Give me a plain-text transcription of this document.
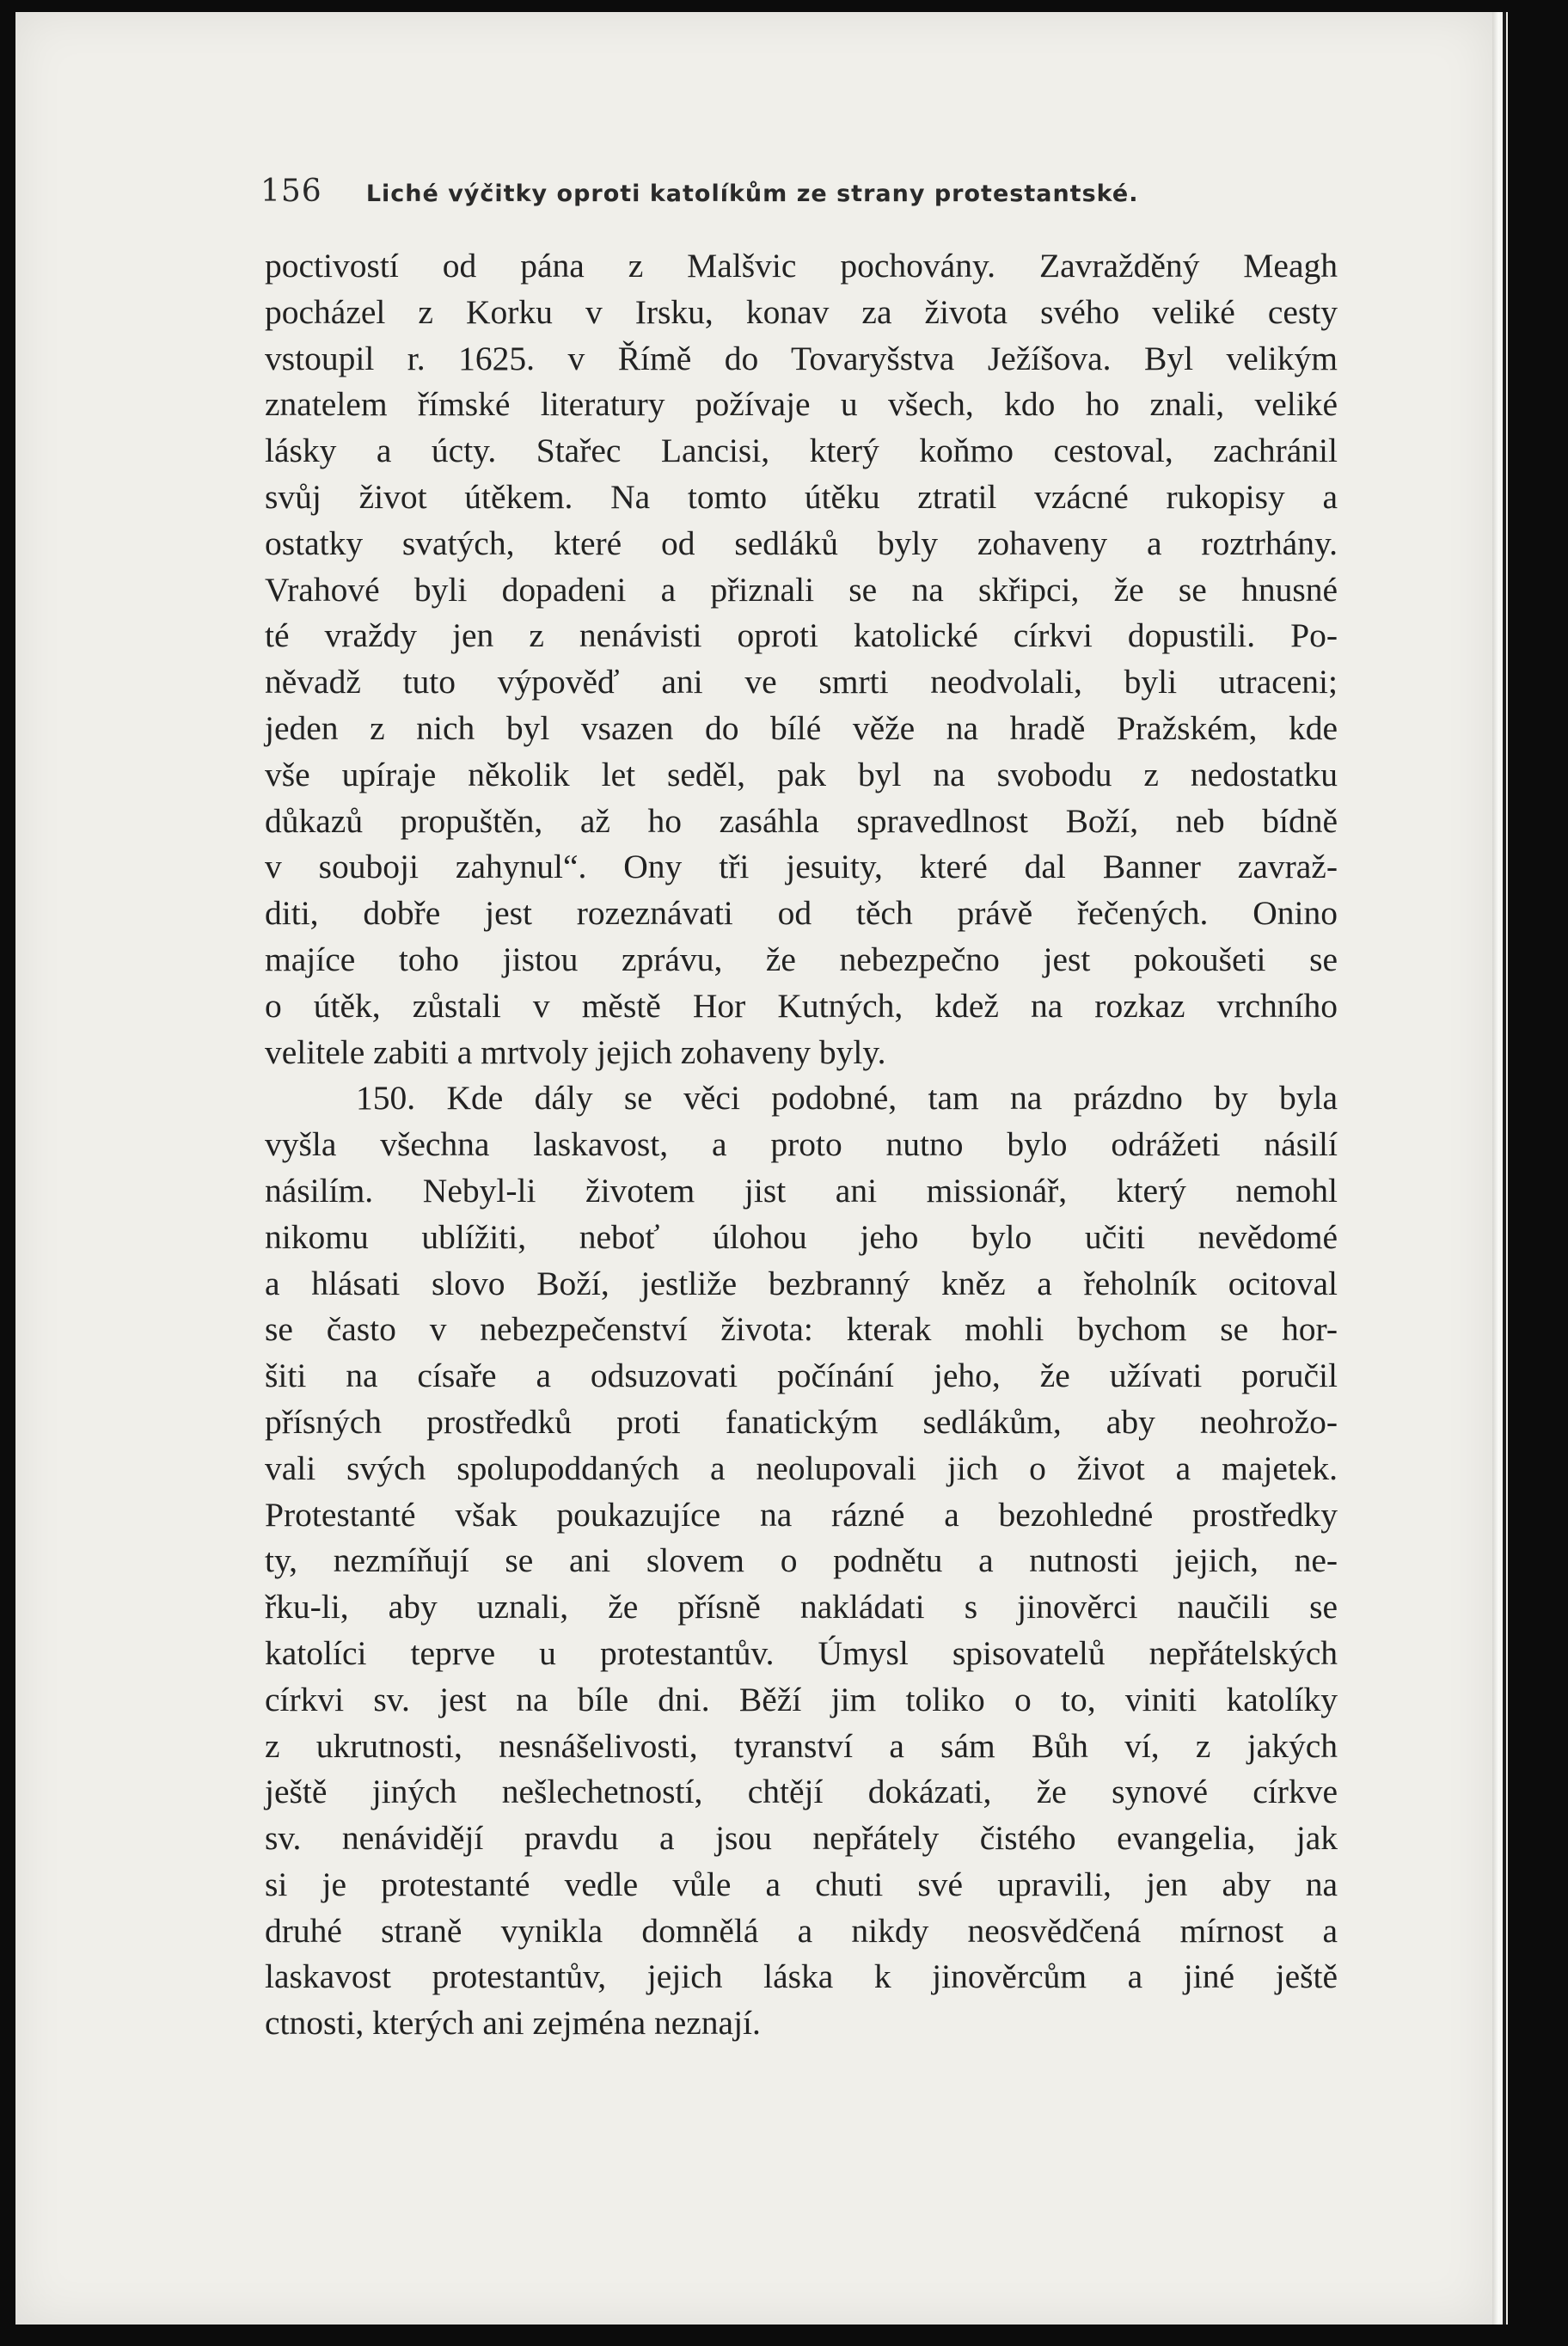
156 Liché výčitky oproti katolíkům ze strany protestantské.
poctivostí od pána z Malšvic pochovány. Zavražděný Meagh
pocházel z Korku v Irsku, konav za života svého veliké cesty
vstoupil r. 1625. v Římě do Tovaryšstva Ježíšova. Byl velikým
znatelem římské literatury požívaje u všech, kdo ho znali, veliké
lásky a úcty. Stařec Lancisi, který koňmo cestoval, zachránil
svůj život útěkem. Na tomto útěku ztratil vzácné rukopisy a
ostatky svatých, které od sedláků byly zohaveny a roztrhány.
Vrahové byli dopadeni a přiznali se na skřipci, že se hnusné
té vraždy jen z nenávisti oproti katolické církvi dopustili. Po-
něvadž tuto výpověď ani ve smrti neodvolali, byli utraceni;
jeden z nich byl vsazen do bílé věže na hradě Pražském, kde
vše upíraje několik let seděl, pak byl na svobodu z nedostatku
důkazů propuštěn, až ho zasáhla spravedlnost Boží, neb bídně
v souboji zahynul“. Ony tři jesuity, které dal Banner zavraž-
diti, dobře jest rozeznávati od těch právě řečených. Onino
majíce toho jistou zprávu, že nebezpečno jest pokoušeti se
o útěk, zůstali v městě Hor Kutných, kdež na rozkaz vrchního
velitele zabiti a mrtvoly jejich zohaveny byly.
150. Kde dály se věci podobné, tam na prázdno by byla
vyšla všechna laskavost, a proto nutno bylo odrážeti násilí
násilím. Nebyl-li životem jist ani missionář, který nemohl
nikomu ublížiti, neboť úlohou jeho bylo učiti nevědomé
a hlásati slovo Boží, jestliže bezbranný kněz a řeholník ocitoval
se často v nebezpečenství života: kterak mohli bychom se hor-
šiti na císaře a odsuzovati počínání jeho, že užívati poručil
přísných prostředků proti fanatickým sedlákům, aby neohrožo-
vali svých spolupoddaných a neolupovali jich o život a majetek.
Protestanté však poukazujíce na rázné a bezohledné prostředky
ty, nezmíňují se ani slovem o podnětu a nutnosti jejich, ne-
řku-li, aby uznali, že přísně nakládati s jinověrci naučili se
katolíci teprve u protestantův. Úmysl spisovatelů nepřátelských
církvi sv. jest na bíle dni. Běží jim toliko o to, viniti katolíky
z ukrutnosti, nesnášelivosti, tyranství a sám Bůh ví, z jakých
ještě jiných nešlechetností, chtějí dokázati, že synové církve
sv. nenávidějí pravdu a jsou nepřátely čistého evangelia, jak
si je protestanté vedle vůle a chuti své upravili, jen aby na
druhé straně vynikla domnělá a nikdy neosvědčená mírnost a
laskavost protestantův, jejich láska k jinověrcům a jiné ještě
ctnosti, kterých ani zejména neznají.
